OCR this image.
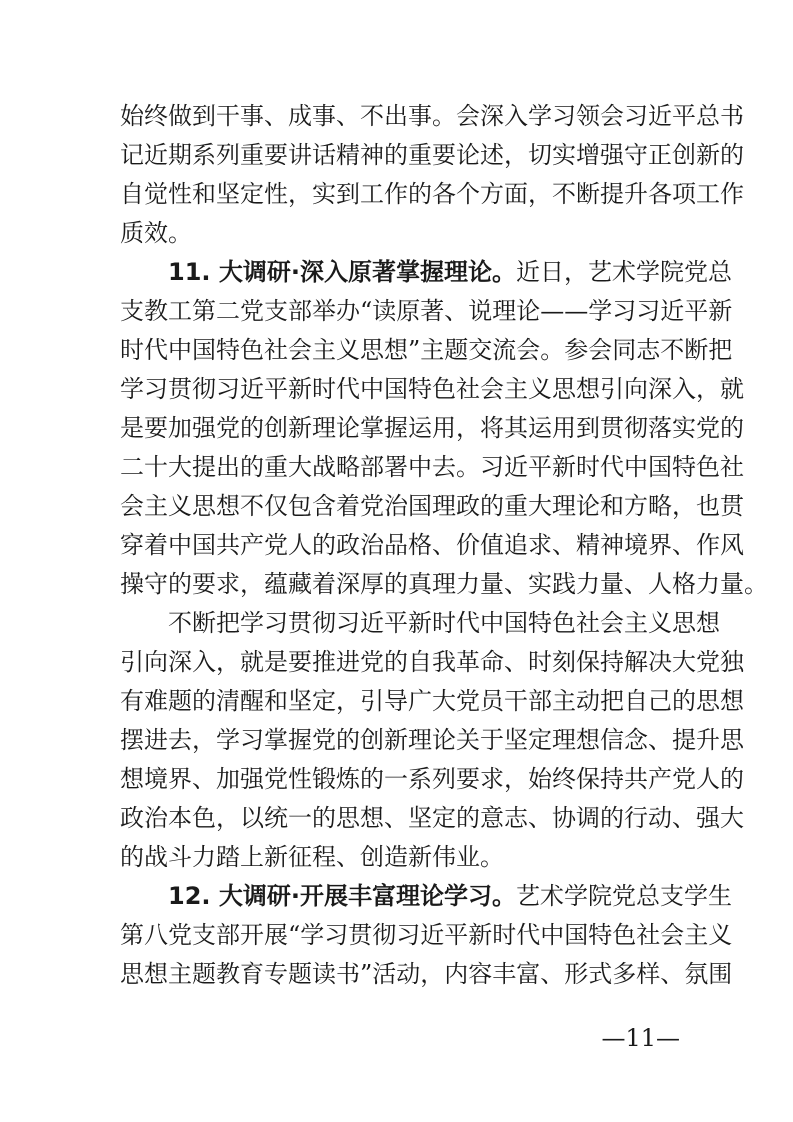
始终做到干事、成事、不出事。会深入学习领会习近平总书
记近期系列重要讲话精神的重要论述，切实增强守正创新的
自觉性和坚定性，实到工作的各个方面，不断提升各项工作
质效。
11. 大调研·深入原著掌握理论。近日，艺术学院党总
支教工第二党支部举办“读原著、说理论——学习习近平新
时代中国特色社会主义思想”主题交流会。参会同志不断把
学习贯彻习近平新时代中国特色社会主义思想引向深入，就
是要加强党的创新理论掌握运用，将其运用到贯彻落实党的
二十大提出的重大战略部署中去。习近平新时代中国特色社
会主义思想不仅包含着党治国理政的重大理论和方略，也贯
穿着中国共产党人的政治品格、价值追求、精神境界、作风
操守的要求，蕴藏着深厚的真理力量、实践力量、人格力量。
不断把学习贯彻习近平新时代中国特色社会主义思想
引向深入，就是要推进党的自我革命、时刻保持解决大党独
有难题的清醒和坚定，引导广大党员干部主动把自己的思想
摆进去，学习掌握党的创新理论关于坚定理想信念、提升思
想境界、加强党性锻炼的一系列要求，始终保持共产党人的
政治本色，以统一的思想、坚定的意志、协调的行动、强大
的战斗力踏上新征程、创造新伟业。
12. 大调研·开展丰富理论学习。艺术学院党总支学生
第八党支部开展“学习贯彻习近平新时代中国特色社会主义
思想主题教育专题读书”活动，内容丰富、形式多样、氛围
—11—
